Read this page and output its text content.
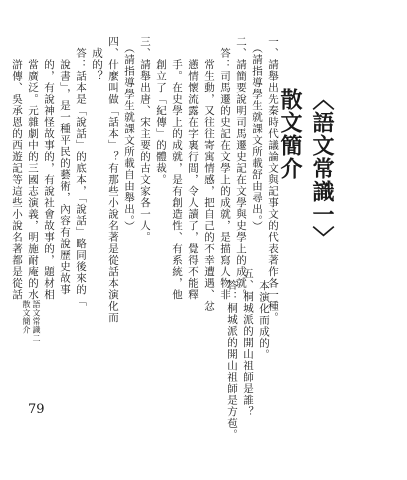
〈語文常識一〉
散文簡介
本演化而成的。
五、桐城派的開山祖師是誰？
　答：桐城派的開山祖師是方苞。
一、請舉出先秦時代議論文與記事文的代表著作各一種。
　（請指導學生就課文所載舒由尋出。）
二、請簡要說明司馬遷史記在文學與史學上的成就。
　答：司馬遷的史記在文學上的成就，是描寫人物非
　　常生動，又往往寄寓情感，把自己的不幸遭遇、忿
　　懣情懷流露在字裏行間，令人讀了，覺得不能釋
　　手。在史學上的成就，是有創造性、有系統，他
　　創立了「紀傳」的體裁。
三、請舉出唐、宋主要的古文家各一人。
　（請指導學生就課文所載自由舉出。）
四、什麼叫做「話本」？有那些小說名著是從話本演化而
　成的？
　答：話本是「說話」的底本，「說話」略同後來的「
　　說書」，是一種平民的藝術，內容有說歷史故事
　　的，有說神怪故事的，有說社會故事的，題材相
　　當廣泛。元雜劇中的三國志演義，明施耐庵的水
　　滸傳、吳承恩的西遊記等這些小說名著都是從話
語文常識二
散文簡介
79
